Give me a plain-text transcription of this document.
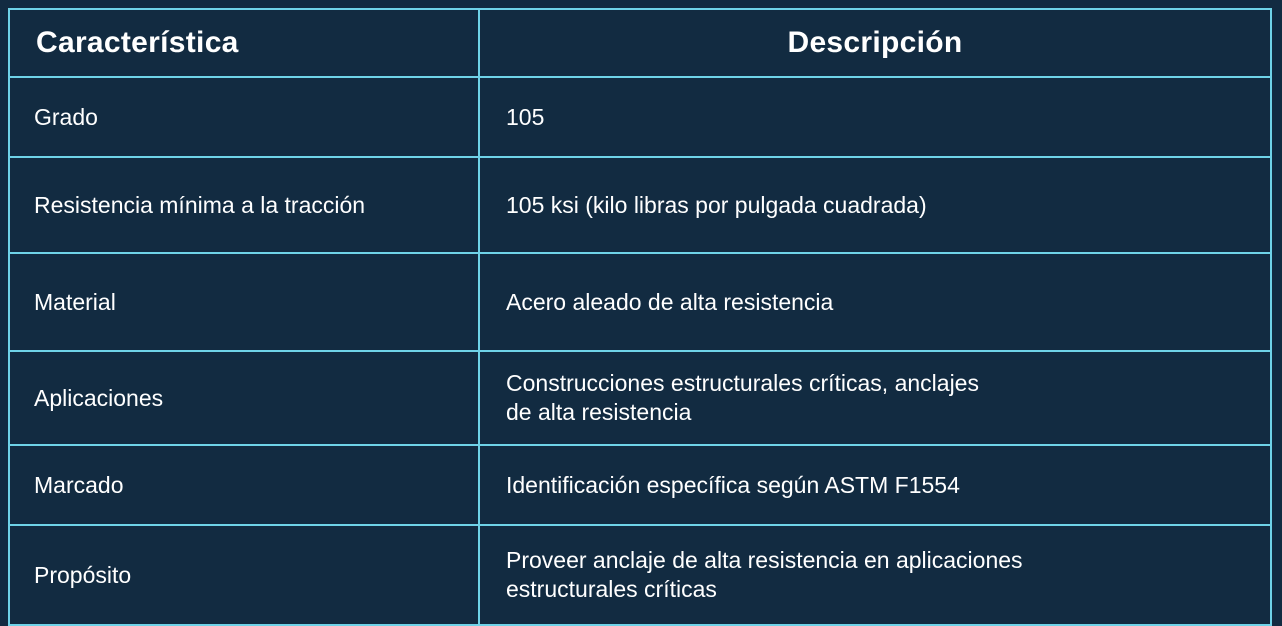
Característica	Descripción
Grado	105

Resistencia mínima a la tracción	105 ksi (kilo libras por pulgada cuadrada)

Material	Acero aleado de alta resistencia

Aplicaciones	Construcciones estructurales críticas, anclajes
de alta resistencia

Marcado	Identificación específica según ASTM F1554

Propósito	Proveer anclaje de alta resistencia en aplicaciones
estructurales críticas
